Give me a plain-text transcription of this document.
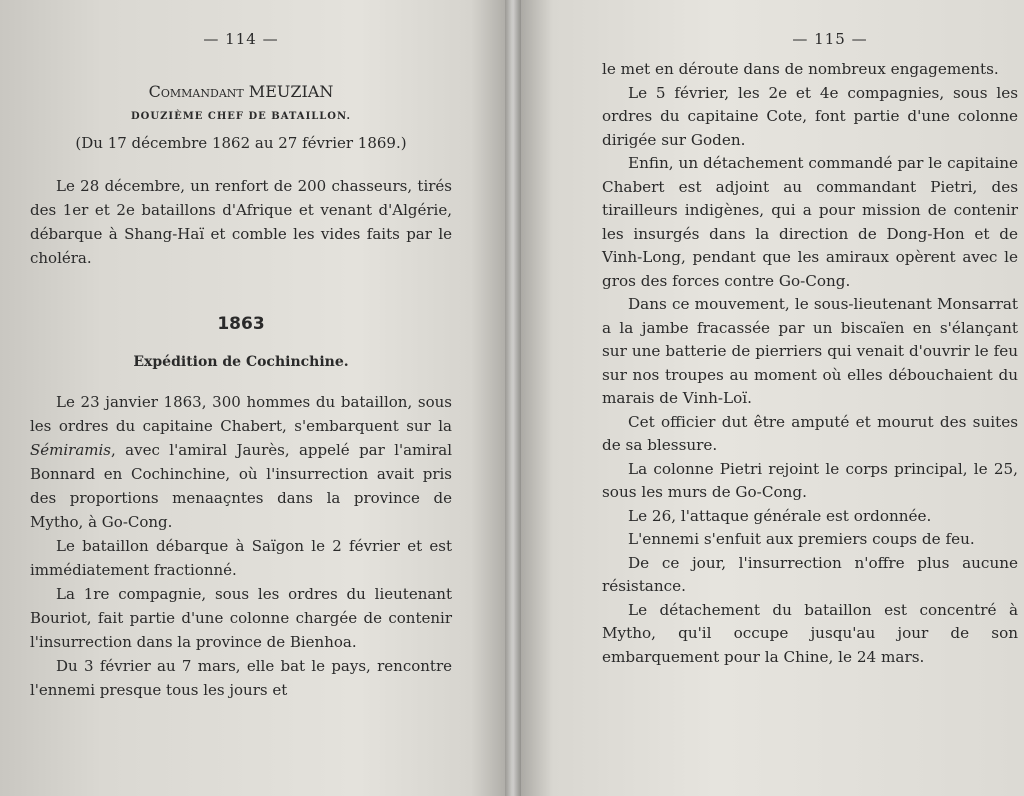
— 114 —
Commandant MEUZIAN
DOUZIÈME CHEF DE BATAILLON.
(Du 17 décembre 1862 au 27 février 1869.)

Le 28 décembre, un renfort de 200 chasseurs, tirés des 1er et 2e bataillons d'Afrique et venant d'Algérie, débarque à Shang-Haï et comble les vides faits par le choléra.

1863
Expédition de Cochinchine.

Le 23 janvier 1863, 300 hommes du bataillon, sous les ordres du capitaine Chabert, s'embarquent sur la Sémiramis, avec l'amiral Jaurès, appelé par l'amiral Bonnard en Cochinchine, où l'insurrection avait pris des proportions menaaçntes dans la province de Mytho, à Go-Cong.

Le bataillon débarque à Saïgon le 2 février et est immédiatement fractionné.

La 1re compagnie, sous les ordres du lieutenant Bouriot, fait partie d'une colonne chargée de contenir l'insurrection dans la province de Bienhoa.

Du 3 février au 7 mars, elle bat le pays, rencontre l'ennemi presque tous les jours et

— 115 —

le met en déroute dans de nombreux engagements.

Le 5 février, les 2e et 4e compagnies, sous les ordres du capitaine Cote, font partie d'une colonne dirigée sur Goden.

Enfin, un détachement commandé par le capitaine Chabert est adjoint au commandant Pietri, des tirailleurs indigènes, qui a pour mission de contenir les insurgés dans la direction de Dong-Hon et de Vinh-Long, pendant que les amiraux opèrent avec le gros des forces contre Go-Cong.

Dans ce mouvement, le sous-lieutenant Monsarrat a la jambe fracassée par un biscaïen en s'élançant sur une batterie de pierriers qui venait d'ouvrir le feu sur nos troupes au moment où elles débouchaient du marais de Vinh-Loï.

Cet officier dut être amputé et mourut des suites de sa blessure.

La colonne Pietri rejoint le corps principal, le 25, sous les murs de Go-Cong.

Le 26, l'attaque générale est ordonnée.

L'ennemi s'enfuit aux premiers coups de feu.

De ce jour, l'insurrection n'offre plus aucune résistance.

Le détachement du bataillon est concentré à Mytho, qu'il occupe jusqu'au jour de son embarquement pour la Chine, le 24 mars.
